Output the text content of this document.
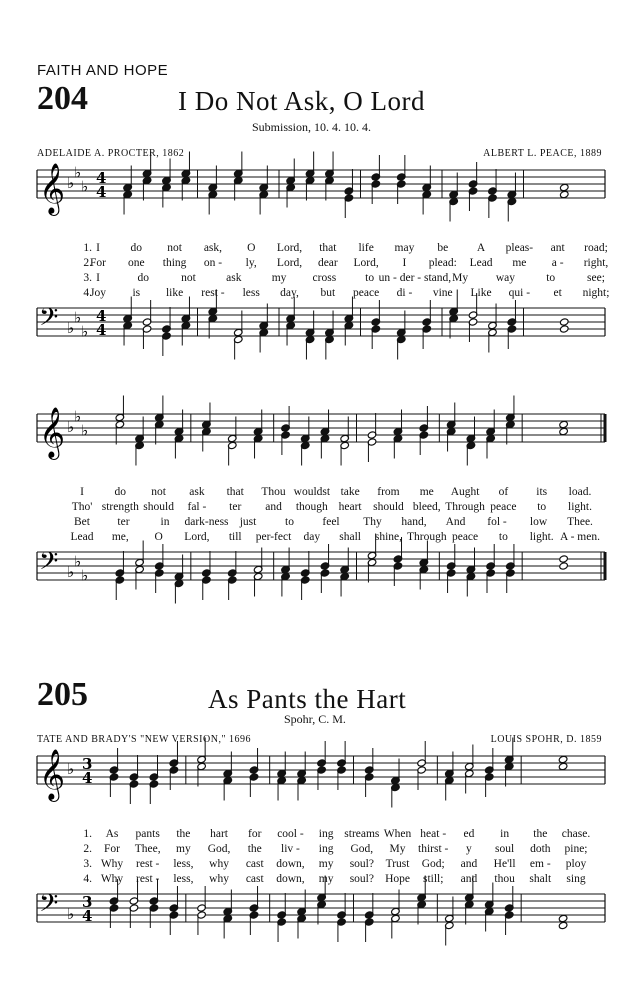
FAITH AND HOPE
204	I Do Not Ask, O Lord
Submission, 10. 4. 10. 4.
ADELAIDE A. PROCTER, 1862	ALBERT L. PEACE, 1889
𝄞 ♭
♭
♭ 4
4
1. I	do not ask, O Lord, that life may be A pleas- ant road;
2.
For one thing on - ly, Lord, dear Lord, I plead: Lead me a - right,
3. I	do	not	ask	my cross	to un - der - stand, My way	to	see;
4.
Joy is like rest - less day, but peace di - vine Like qui - et night;
𝄢 ♭
♭
♭
4
4
𝄞 ♭
♭
♭
I	do not ask that Thou wouldst take from me Aught of its load.
Tho' strength should fal - ter and though heart should bleed, Through peace to light.
Bet ter	in dark-ness just to feel Thy hand, And fol - low Thee.
Lead me, O Lord, till per-fect day shall shine, Through peace to light. A - men.
𝄢 ♭
♭
♭
205	As Pants the Hart
Spohr, C. M.
TATE AND BRADY'S "NEW VERSION," 1696	LOUIS SPOHR, D. 1859
𝄞 ♭ 3
4
1. As pants the hart for cool - ing streams When heat - ed in the chase.
2. For Thee, my God, the liv - ing God, My thirst - y soul doth pine;
3. Why rest - less, why cast down, my soul? Trust God; and He'll em - ploy
4. Why rest - less, why cast down, my soul? Hope still; and thou shalt sing
𝄢 ♭
3
4
